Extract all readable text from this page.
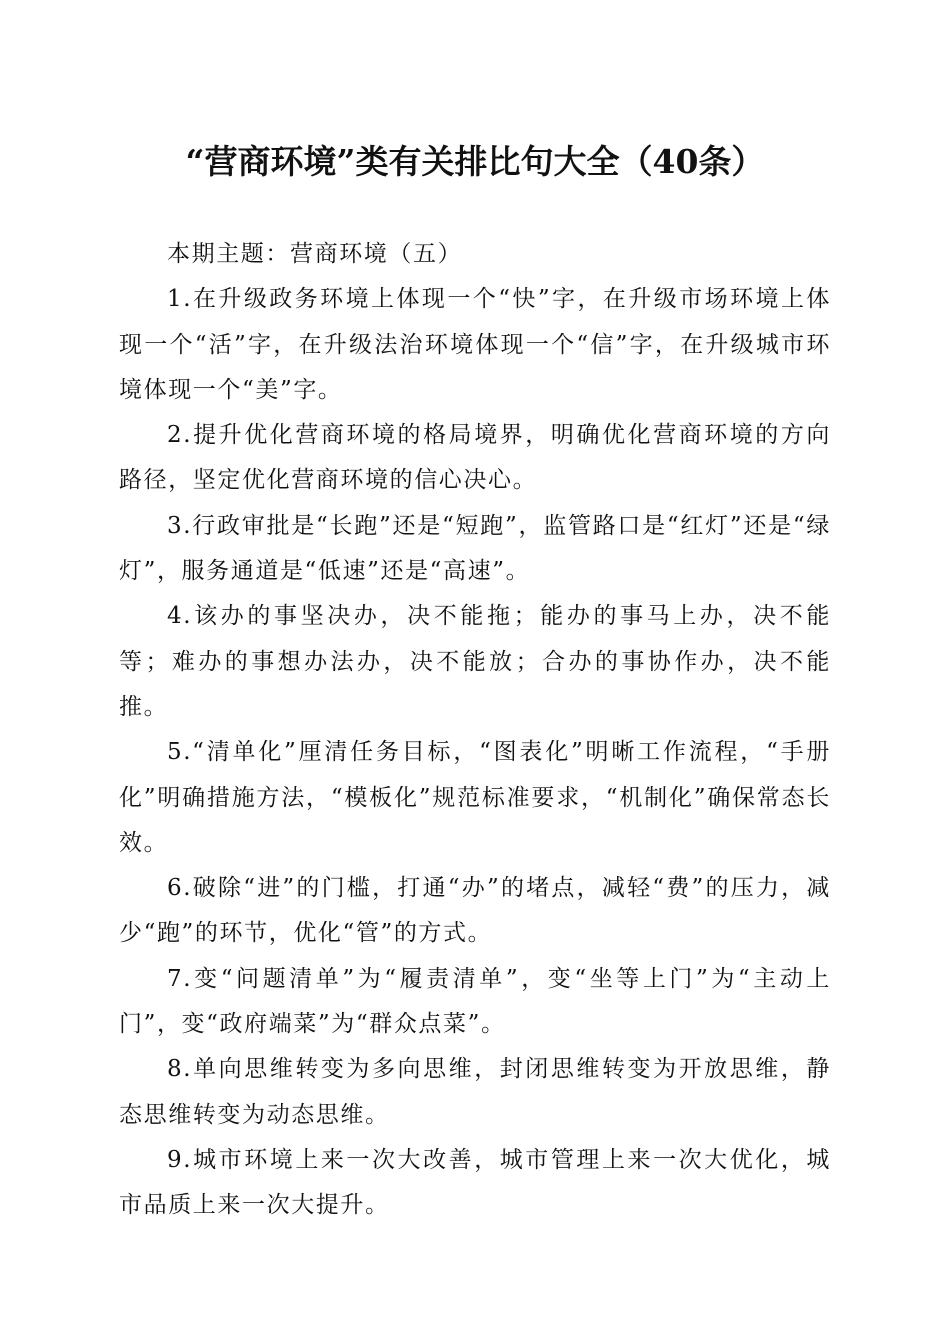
“营商环境”类有关排比句大全（40条）

本期主题：营商环境（五）

1.在升级政务环境上体现一个“快”字，在升级市场环境上体现一个“活”字，在升级法治环境体现一个“信”字，在升级城市环境体现一个“美”字。

2.提升优化营商环境的格局境界，明确优化营商环境的方向路径，坚定优化营商环境的信心决心。

3.行政审批是“长跑”还是“短跑”，监管路口是“红灯”还是“绿灯”，服务通道是“低速”还是“高速”。

4.该办的事坚决办，决不能拖；能办的事马上办，决不能等；难办的事想办法办，决不能放；合办的事协作办，决不能推。

5.“清单化”厘清任务目标，“图表化”明晰工作流程，“手册化”明确措施方法，“模板化”规范标准要求，“机制化”确保常态长效。

6.破除“进”的门槛，打通“办”的堵点，减轻“费”的压力，减少“跑”的环节，优化“管”的方式。

7.变“问题清单”为“履责清单”，变“坐等上门”为“主动上门”，变“政府端菜”为“群众点菜”。

8.单向思维转变为多向思维，封闭思维转变为开放思维，静态思维转变为动态思维。

9.城市环境上来一次大改善，城市管理上来一次大优化，城市品质上来一次大提升。
